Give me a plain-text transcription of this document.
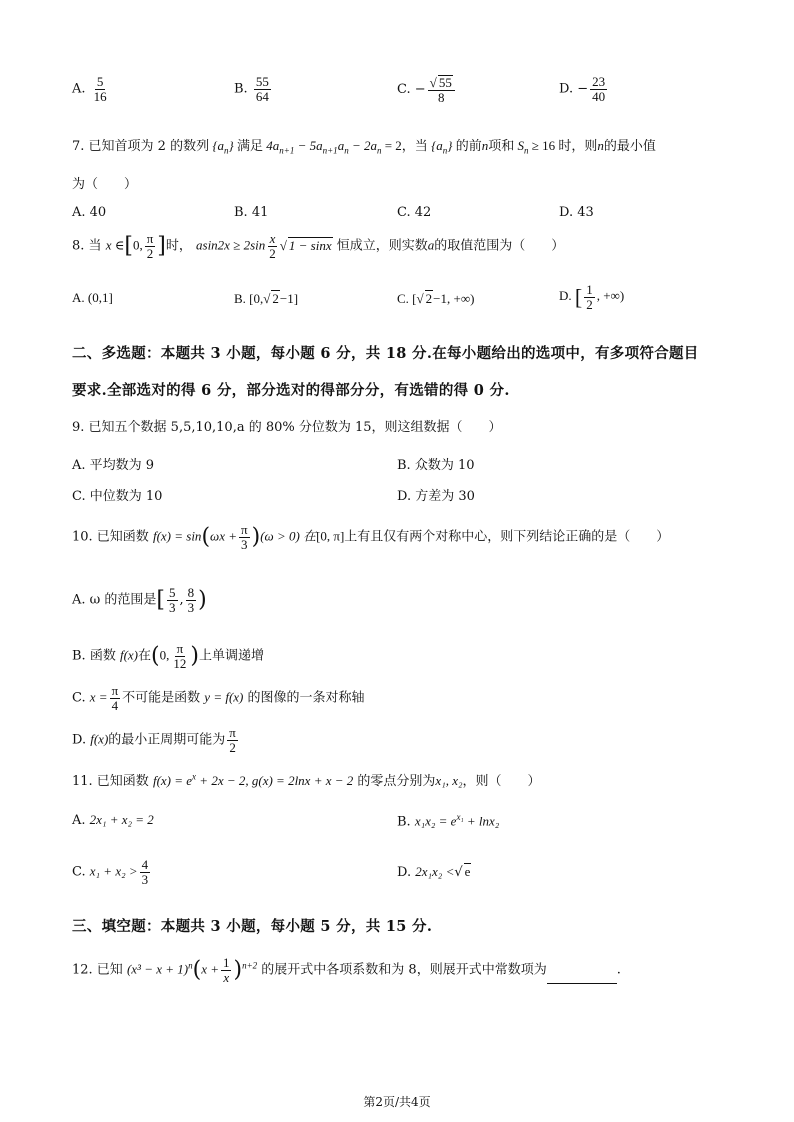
A. $\frac{5}{16}$	B. $\frac{55}{64}$	C. − $\frac{√ 55}{8}$	D. − $\frac{23}{40}$
7. 已知首项为 2 的数列 $\{a_n\}$ 满足 $4a_{n+1} - 5a_{n+1}a_n - 2a_n = 2$，当 $\{a_n\}$ 的前n项和 $S_n \ge 16$ 时，则n的最小值
为（　　）
A. 40	B. 41	C. 42	D. 43
8. 当 x ∈[0, $\frac{\pi}{2}$ ]时， $asin2x \ge 2\sin \frac{x}{2}$ √ 1 − sinx 恒成立，则实数a的取值范围为（　　）
A. (0,1]	B. [0,√ 2−1]	C. [√ 2−1, +∞)	D. [ $\frac{1}{2}$ , +∞)
二、多选题：本题共 3 小题，每小题 6 分，共 18 分.在每小题给出的选项中，有多项符合题目
要求.全部选对的得 6 分，部分选对的得部分分，有选错的得 0 分.
9. 已知五个数据 5,5,10,10,a 的 80% 分位数为 15，则这组数据（　　）
A. 平均数为 9	B. 众数为 10
C. 中位数为 10	D. 方差为 30
10. 已知函数 $f(x) = \sin(\omega x + \frac{\pi}{3} )(\omega > 0)$ 在[0, π]上有且仅有两个对称中心，则下列结论正确的是（　　）
A. ω 的范围是[ $\frac{5}{3}$ , $\frac{8}{3}$ )
B. 函数 f(x)在(0, $\frac{\pi}{12}$ )上单调递增
C. $x = \frac{\pi}{4}$ 不可能是函数 y = f(x) 的图像的一条对称轴
D. f(x)的最小正周期可能为 $\frac{\pi}{2}$
11. 已知函数 $f(x) = e^x + 2x - 2$, g(x) = 2lnx + x − 2 的零点分别为x₁, x₂，则（　　）
A. 2x₁ + x₂ = 2	B. $x_1x_2 = e^{x_1} + \ln x_2$
C. $x_1 + x_2 > \frac{4}{3}$	D. 2x₁x₂ <√ e
三、填空题：本题共 3 小题，每小题 5 分，共 15 分.
12. 已知 $(x^3 - x + 1)^n(x + \frac{1}{x} )^{n+2}$ 的展开式中各项系数和为 8，则展开式中常数项为	.
第2页/共4页
